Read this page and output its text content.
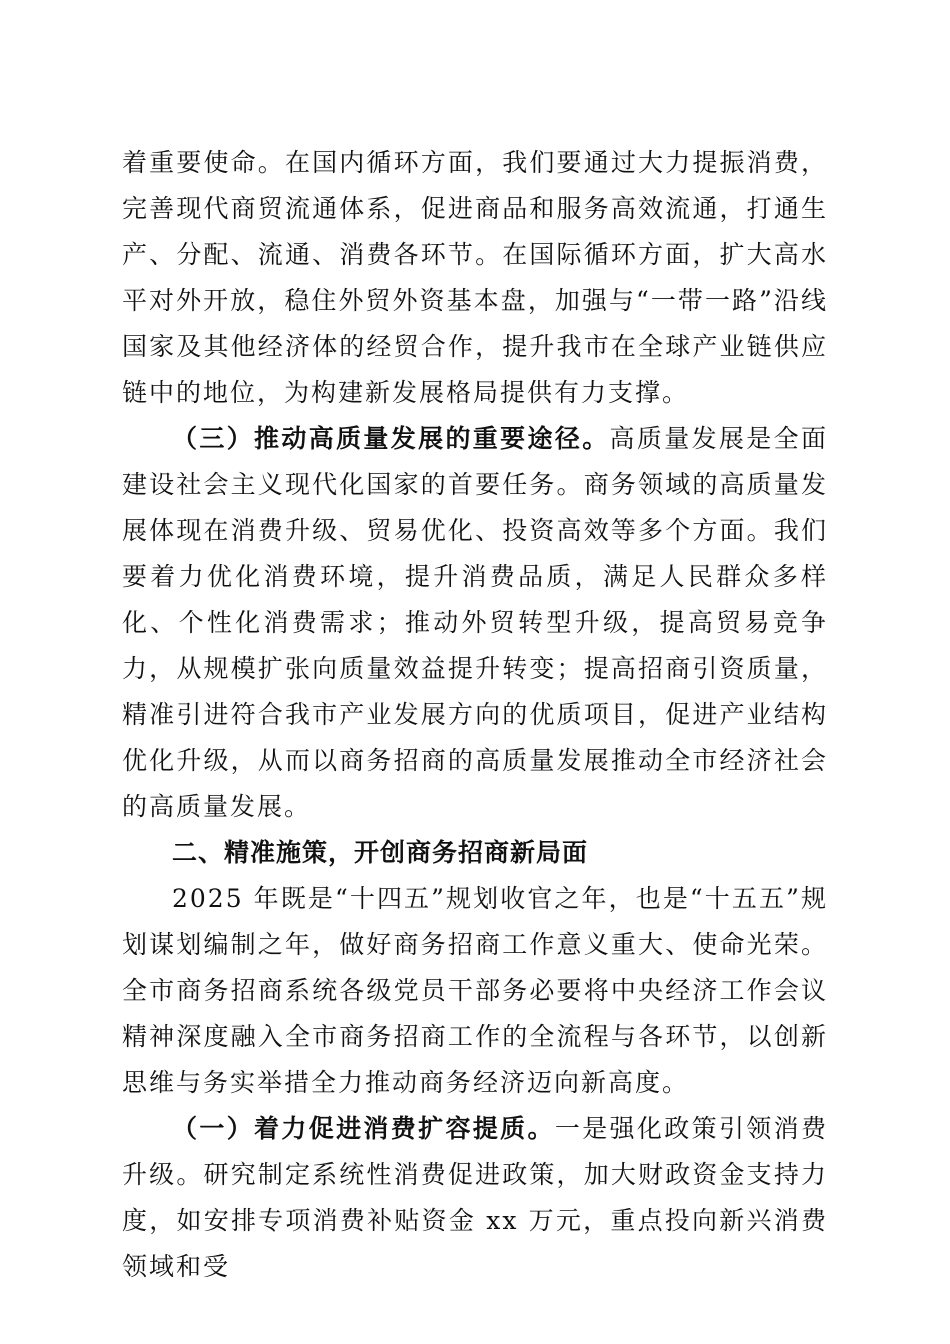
着重要使命。在国内循环方面，我们要通过大力提振消费，完善现代商贸流通体系，促进商品和服务高效流通，打通生产、分配、流通、消费各环节。在国际循环方面，扩大高水平对外开放，稳住外贸外资基本盘，加强与“一带一路”沿线国家及其他经济体的经贸合作，提升我市在全球产业链供应链中的地位，为构建新发展格局提供有力支撑。

（三）推动高质量发展的重要途径。高质量发展是全面建设社会主义现代化国家的首要任务。商务领域的高质量发展体现在消费升级、贸易优化、投资高效等多个方面。我们要着力优化消费环境，提升消费品质，满足人民群众多样化、个性化消费需求；推动外贸转型升级，提高贸易竞争力，从规模扩张向质量效益提升转变；提高招商引资质量，精准引进符合我市产业发展方向的优质项目，促进产业结构优化升级，从而以商务招商的高质量发展推动全市经济社会的高质量发展。

二、精准施策，开创商务招商新局面

2025 年既是“十四五”规划收官之年，也是“十五五”规划谋划编制之年，做好商务招商工作意义重大、使命光荣。全市商务招商系统各级党员干部务必要将中央经济工作会议精神深度融入全市商务招商工作的全流程与各环节，以创新思维与务实举措全力推动商务经济迈向新高度。

（一）着力促进消费扩容提质。一是强化政策引领消费升级。研究制定系统性消费促进政策，加大财政资金支持力度，如安排专项消费补贴资金 xx 万元，重点投向新兴消费领域和受
